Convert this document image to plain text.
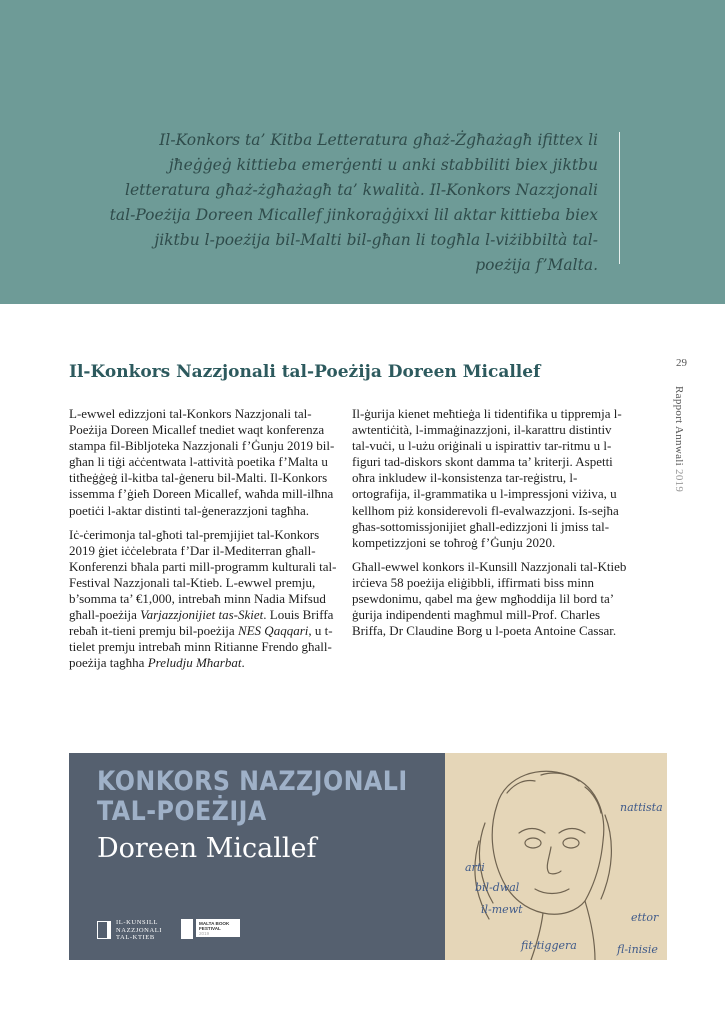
Il-Konkors ta’ Kitba Letteratura għaż-Żgħażagħ ifittex li jħeġġeġ kittieba emerġenti u anki stabbiliti biex jiktbu letteratura għaż-żgħażagħ ta’ kwalità. Il-Konkors Nazzjonali tal-Poeżija Doreen Micallef jinkoraġġixxi lil aktar kittieba biex jiktbu l-poeżija bil-Malti bil-għan li togħla l-viżibbiltà tal-poeżija f’Malta.

29
Rapport Annwali 2019
Il-Konkors Nazzjonali tal-Poeżija Doreen Micallef

L-ewwel edizzjoni tal-Konkors Nazzjonali tal-Poeżija Doreen Micallef tnediet waqt konferenza stampa fil-Bibljoteka Nazzjonali f’Ġunju 2019 bil-għan li tiġi aċċentwata l-attività poetika f’Malta u titħeġġeġ il-kitba tal-ġeneru bil-Malti. Il-Konkors issemma f’ġieħ Doreen Micallef, waħda mill-ilħna poetiċi l-aktar distinti tal-ġenerazzjoni tagħha.

Iċ-ċerimonja tal-għoti tal-premjijiet tal-Konkors 2019 ġiet iċċelebrata f’Dar il-Mediterran għall-Konferenzi bħala parti mill-programm kulturali tal-Festival Nazzjonali tal-Ktieb. L-ewwel premju, b’somma ta’ €1,000, intrebaħ minn Nadia Mifsud għall-poeżija Varjazzjonijiet tas-Skiet. Louis Briffa rebaħ it-tieni premju bil-poeżija NES Qaqqari, u t-tielet premju intrebaħ minn Ritianne Frendo għall-poeżija tagħha Preludju Mħarbat.

Il-ġurija kienet meħtieġa li tidentifika u tippremja l-awtentiċità, l-immaġinazzjoni, il-karattru distintiv tal-vuċi, u l-użu oriġinali u ispirattiv tar-ritmu u l-figuri tad-diskors skont damma ta’ kriterji. Aspetti oħra inkludew il-konsistenza tar-reġistru, l-ortografija, il-grammatika u l-impressjoni viżiva, u kellhom piż konsiderevoli fl-evalwazzjoni. Is-sejħa għas-sottomissjonijiet għall-edizzjoni li jmiss tal-kompetizzjoni se toħroġ f’Ġunju 2020.

Għall-ewwel konkors il-Kunsill Nazzjonali tal-Ktieb irċieva 58 poeżija eliġibbli, iffirmati biss minn psewdonimu, qabel ma ġew mgħoddija lil bord ta’ ġurija indipendenti magħmul mill-Prof. Charles Briffa, Dr Claudine Borg u l-poeta Antoine Cassar.

KONKORS NAZZJONALI
TAL-POEŻIJA
Doreen Micallef
IL-KUNSILL
NAZZJONALI
TAL-KTIEB
MALTA BOOK
FESTIVAL
2019
nattista
arti
bil-dwal
il-mewt
fit-tiggera	fl-inisie
ettor
